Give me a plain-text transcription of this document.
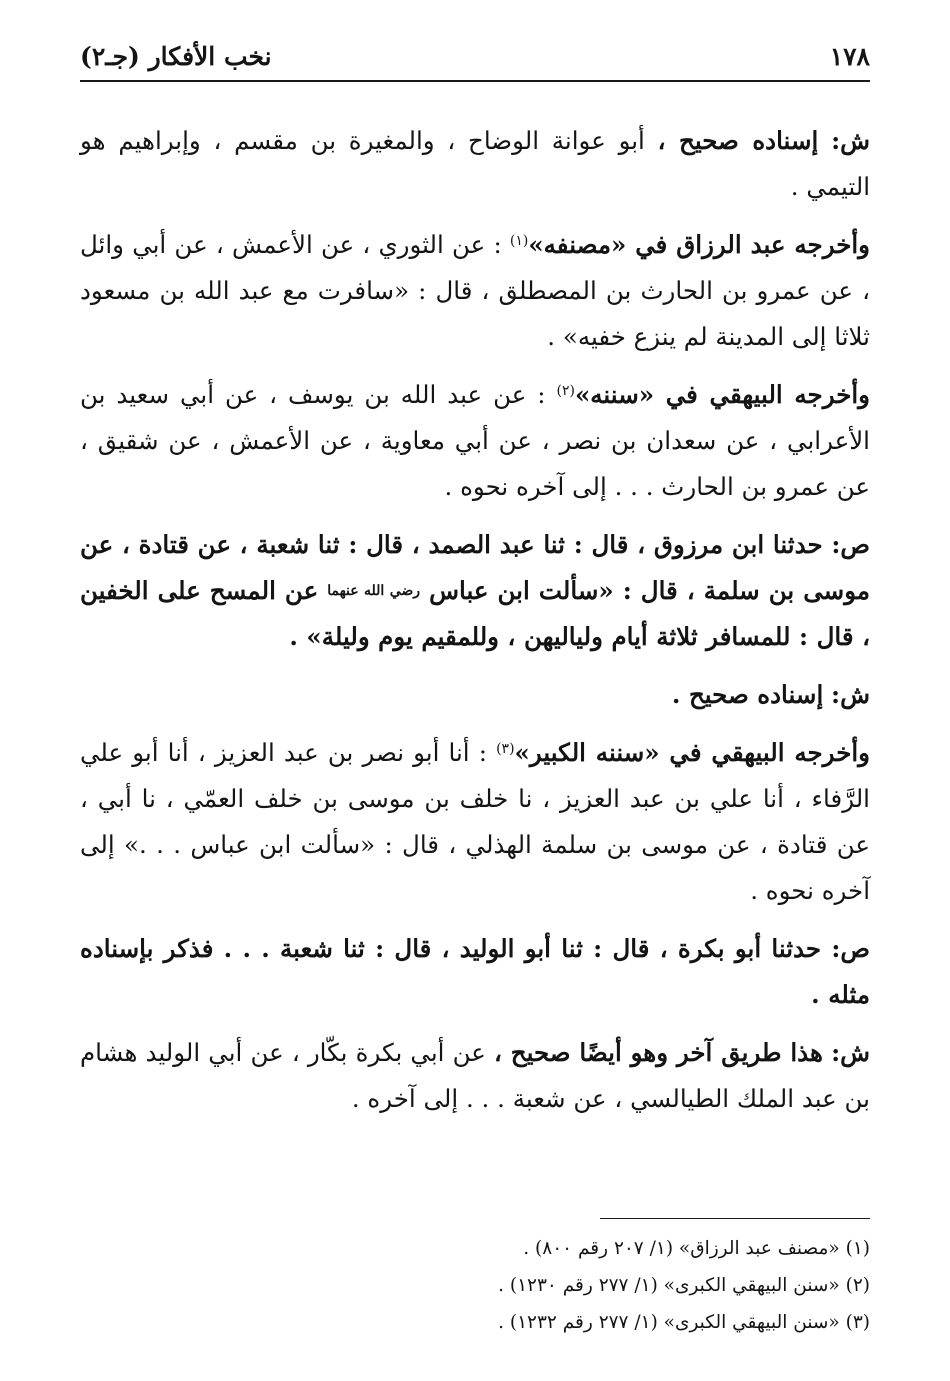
١٧٨
نخب الأفكار (جـ٢)

ش: إسناده صحيح ، أبو عوانة الوضاح ، والمغيرة بن مقسم ، وإبراهيم هو التيمي .

وأخرجه عبد الرزاق في «مصنفه»$^{(١)}$ : عن الثوري ، عن الأعمش ، عن أبي وائل ، عن عمرو بن الحارث بن المصطلق ، قال : «سافرت مع عبد الله بن مسعود ثلاثا إلى المدينة لم ينزع خفيه» .

وأخرجه البيهقي في «سننه»$^{(٢)}$ : عن عبد الله بن يوسف ، عن أبي سعيد بن الأعرابي ، عن سعدان بن نصر ، عن أبي معاوية ، عن الأعمش ، عن شقيق ، عن عمرو بن الحارث . . . إلى آخره نحوه .

ص: حدثنا ابن مرزوق ، قال : ثنا عبد الصمد ، قال : ثنا شعبة ، عن قتادة ، عن موسى بن سلمة ، قال : «سألت ابن عباس رضي الله عنهما عن المسح على الخفين ، قال : للمسافر ثلاثة أيام ولياليهن ، وللمقيم يوم وليلة» .

ش: إسناده صحيح .

وأخرجه البيهقي في «سننه الكبير»$^{(٣)}$ : أنا أبو نصر بن عبد العزيز ، أنا أبو علي الرَّفاء ، أنا علي بن عبد العزيز ، نا خلف بن موسى بن خلف العمّي ، نا أبي ، عن قتادة ، عن موسى بن سلمة الهذلي ، قال : «سألت ابن عباس . . .» إلى آخره نحوه .

ص: حدثنا أبو بكرة ، قال : ثنا أبو الوليد ، قال : ثنا شعبة . . . فذكر بإسناده مثله .

ش: هذا طريق آخر وهو أيضًا صحيح ، عن أبي بكرة بكّار ، عن أبي الوليد هشام بن عبد الملك الطيالسي ، عن شعبة . . . إلى آخره .

(١) «مصنف عبد الرزاق» (١/ ٢٠٧ رقم ٨٠٠) .

(٢) «سنن البيهقي الكبرى» (١/ ٢٧٧ رقم ١٢٣٠) .

(٣) «سنن البيهقي الكبرى» (١/ ٢٧٧ رقم ١٢٣٢) .
